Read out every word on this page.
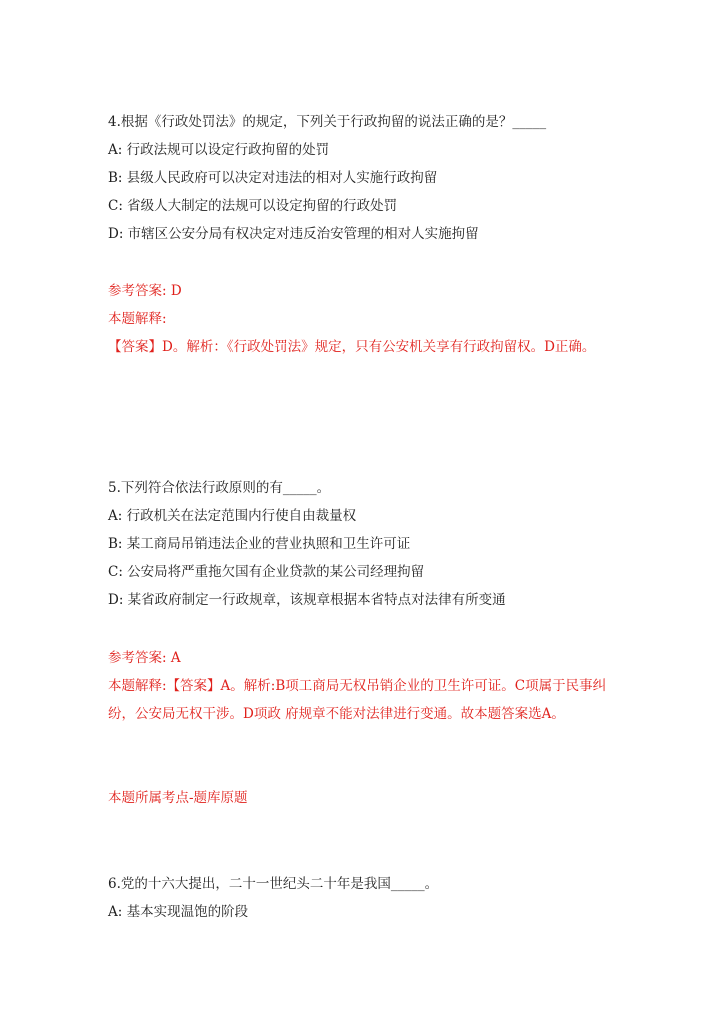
4.根据《行政处罚法》的规定，下列关于行政拘留的说法正确的是？_____
A: 行政法规可以设定行政拘留的处罚
B: 县级人民政府可以决定对违法的相对人实施行政拘留
C: 省级人大制定的法规可以设定拘留的行政处罚
D: 市辖区公安分局有权决定对违反治安管理的相对人实施拘留
参考答案: D
本题解释:
【答案】D。解析：《行政处罚法》规定，只有公安机关享有行政拘留权。D正确。
5.下列符合依法行政原则的有_____。
A: 行政机关在法定范围内行使自由裁量权
B: 某工商局吊销违法企业的营业执照和卫生许可证
C: 公安局将严重拖欠国有企业贷款的某公司经理拘留
D: 某省政府制定一行政规章，该规章根据本省特点对法律有所变通
参考答案: A
本题解释:【答案】A。解析:B项工商局无权吊销企业的卫生许可证。C项属于民事纠纷，公安局无权干涉。D项政 府规章不能对法律进行变通。故本题答案选A。
本题所属考点-题库原题
6.党的十六大提出，二十一世纪头二十年是我国_____。
A: 基本实现温饱的阶段
